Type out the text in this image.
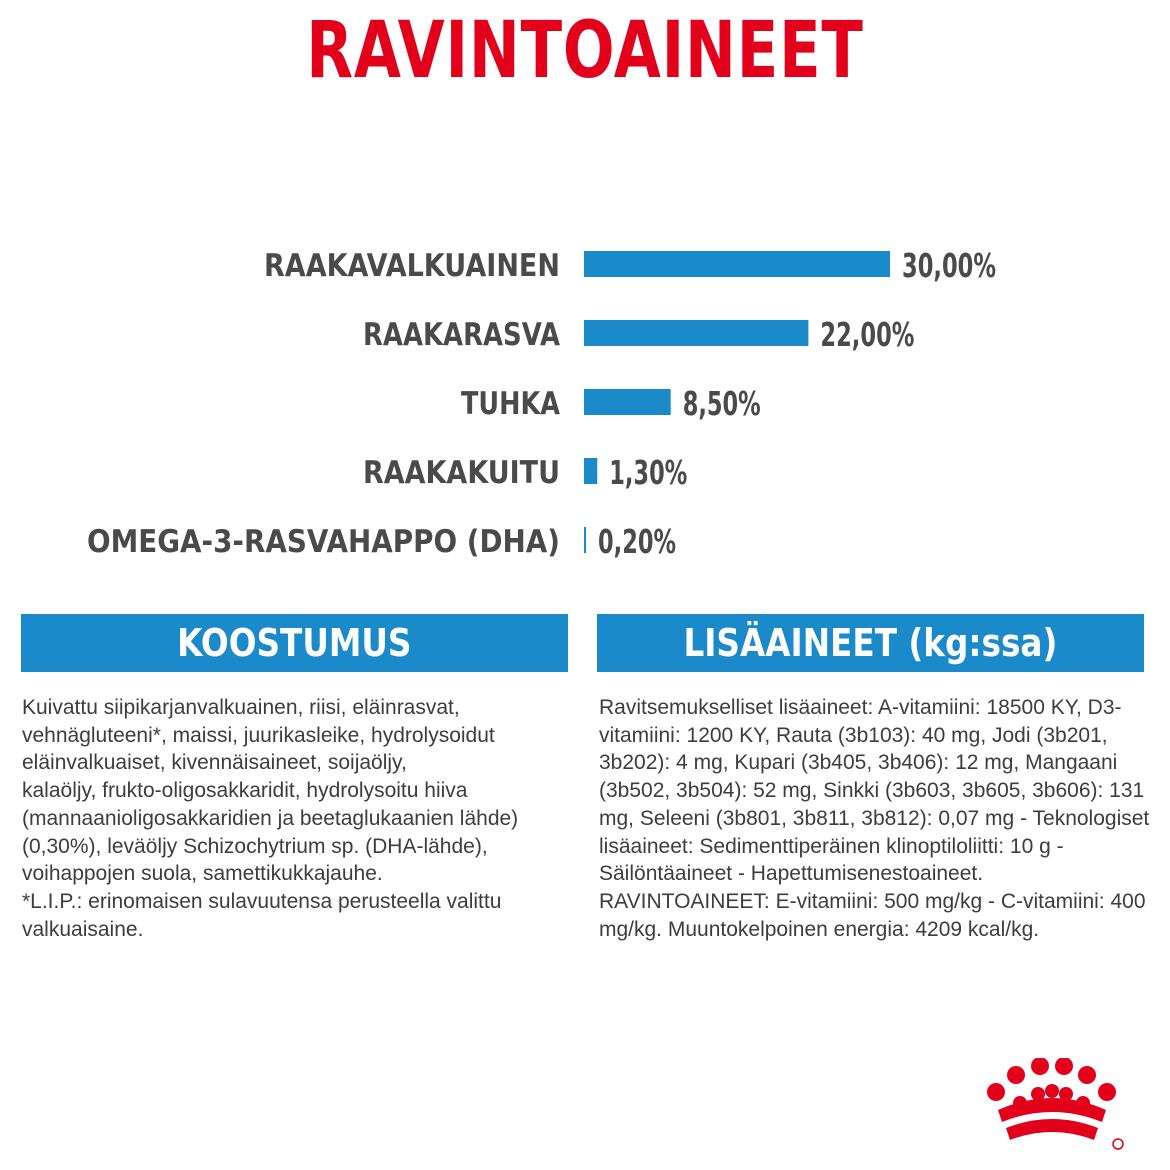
RAVINTOAINEET
RAAKAVALKUAINEN	30,00%
RAAKARASVA	22,00%
TUHKA	8,50%
RAAKAKUITU 1,30%
OMEGA-3-RASVAHAPPO (DHA) 0,20%
KOOSTUMUS
Kuivattu siipikarjanvalkuainen, riisi, eläinrasvat,
vehnägluteeni*, maissi, juurikasleike, hydrolysoidut
eläinvalkuaiset, kivennäisaineet, soijaöljy,
kalaöljy, frukto-oligosakkaridit, hydrolysoitu hiiva
(mannaanioligosakkaridien ja beetaglukaanien lähde)
(0,30%), leväöljy Schizochytrium sp. (DHA-lähde),
voihappojen suola, samettikukkajauhe.
*L.I.P.: erinomaisen sulavuutensa perusteella valittu
valkuaisaine.
LISÄAINEET (kg:ssa)
Ravitsemukselliset lisäaineet: A-vitamiini: 18500 KY, D3-
vitamiini: 1200 KY, Rauta (3b103): 40 mg, Jodi (3b201,
3b202): 4 mg, Kupari (3b405, 3b406): 12 mg, Mangaani
(3b502, 3b504): 52 mg, Sinkki (3b603, 3b605, 3b606): 131
mg, Seleeni (3b801, 3b811, 3b812): 0,07 mg - Teknologiset
lisäaineet: Sedimenttiperäinen klinoptiloliitti: 10 g -
Säilöntäaineet - Hapettumisenestoaineet.
RAVINTOAINEET: E-vitamiini: 500 mg/kg - C-vitamiini: 400
mg/kg. Muuntokelpoinen energia: 4209 kcal/kg.
